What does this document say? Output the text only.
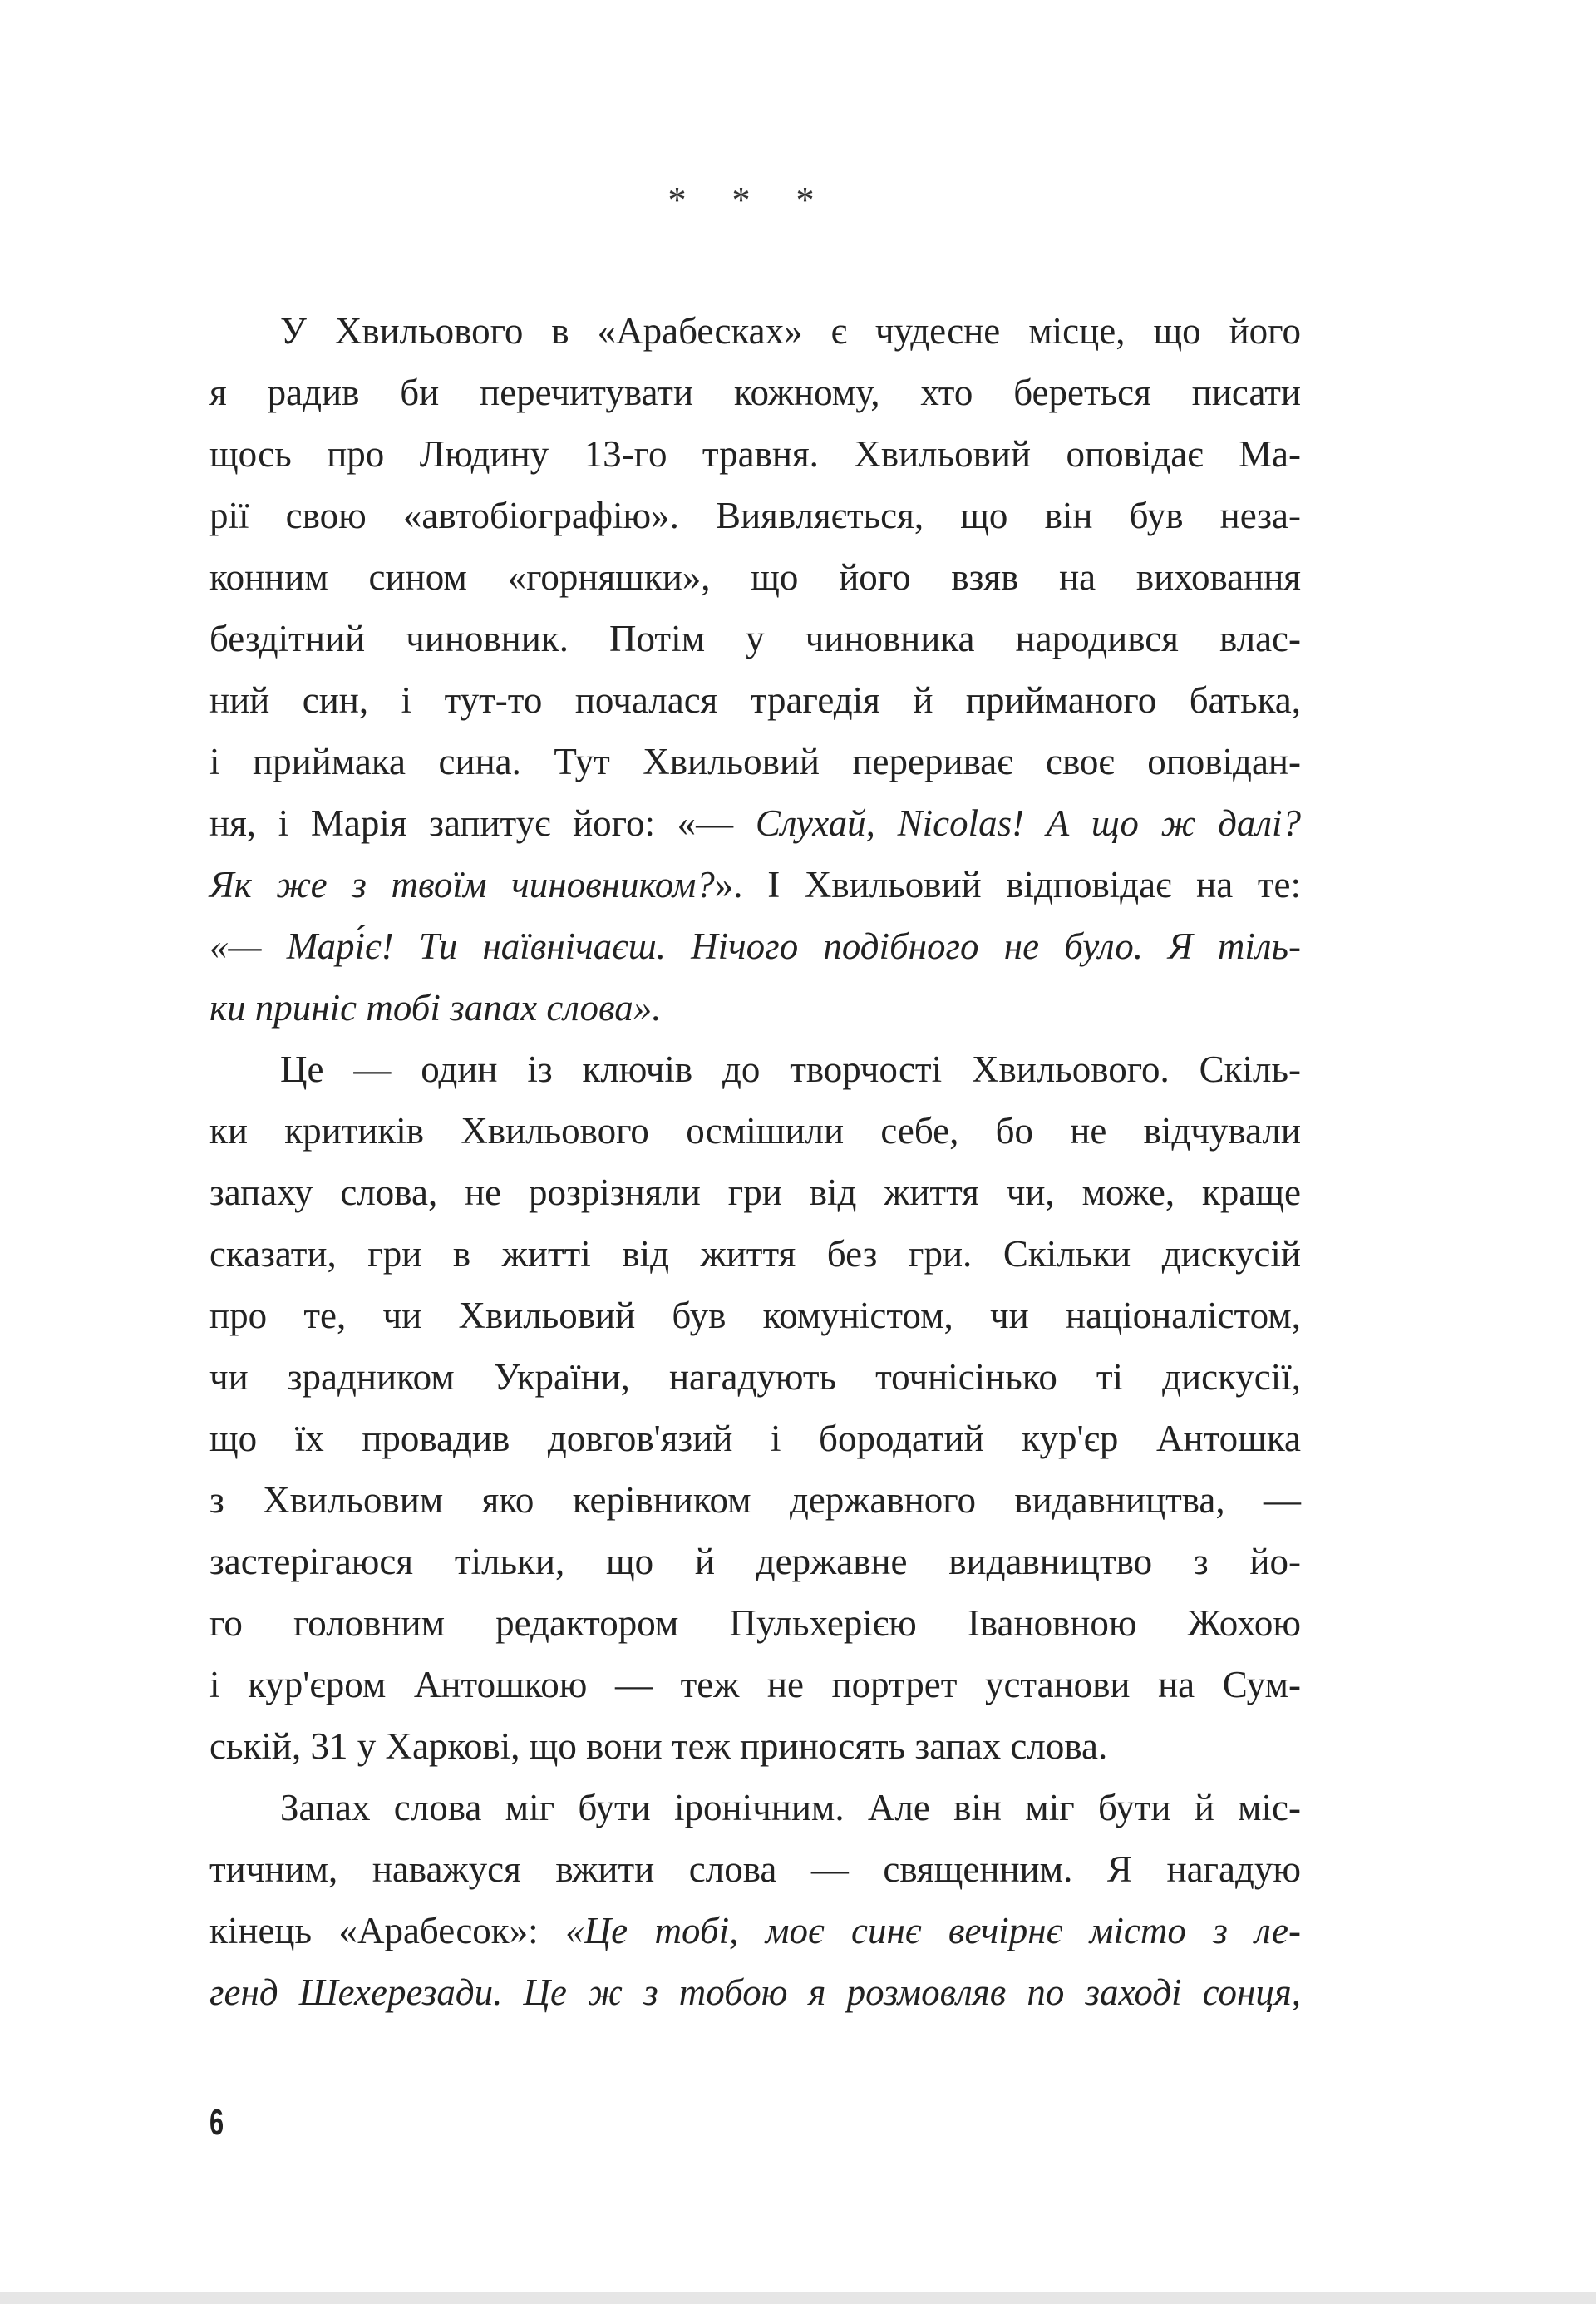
* * *
У Хвильового в «Арабесках» є чудесне місце, що його
я радив би перечитувати кожному, хто береться писати
щось про Людину 13-го травня. Хвильовий оповідає Ма-
рії свою «автобіографію». Виявляється, що він був неза-
конним сином «горняшки», що його взяв на виховання
бездітний чиновник. Потім у чиновника народився влас-
ний син, і тут-то почалася трагедія й прийманого батька,
і приймака сина. Тут Хвильовий перериває своє оповідан-
ня, і Марія запитує його: «— Слухай, Nicolas! А що ж далі?
Як же з твоїм чиновником?». І Хвильовий відповідає на те:
«— Марі́є! Ти наївнічаєш. Нічого подібного не було. Я тіль-
ки приніс тобі запах слова».
Це — один із ключів до творчості Хвильового. Скіль-
ки критиків Хвильового осмішили себе, бо не відчували
запаху слова, не розрізняли гри від життя чи, може, краще
сказати, гри в житті від життя без гри. Скільки дискусій
про те, чи Хвильовий був комуністом, чи націоналістом,
чи зрадником України, нагадують точнісінько ті дискусії,
що їх провадив довгов'язий і бородатий кур'єр Антошка
з Хвильовим яко керівником державного видавництва, —
застерігаюся тільки, що й державне видавництво з йо-
го головним редактором Пульхерією Івановною Жохою
і кур'єром Антошкою — теж не портрет установи на Сум-
ській, 31 у Харкові, що вони теж приносять запах слова.
Запах слова міг бути іронічним. Але він міг бути й міс-
тичним, наважуся вжити слова — священним. Я нагадую
кінець «Арабесок»: «Це тобі, моє синє вечірнє місто з ле-
генд Шехерезади. Це ж з тобою я розмовляв по заході сонця,
6
